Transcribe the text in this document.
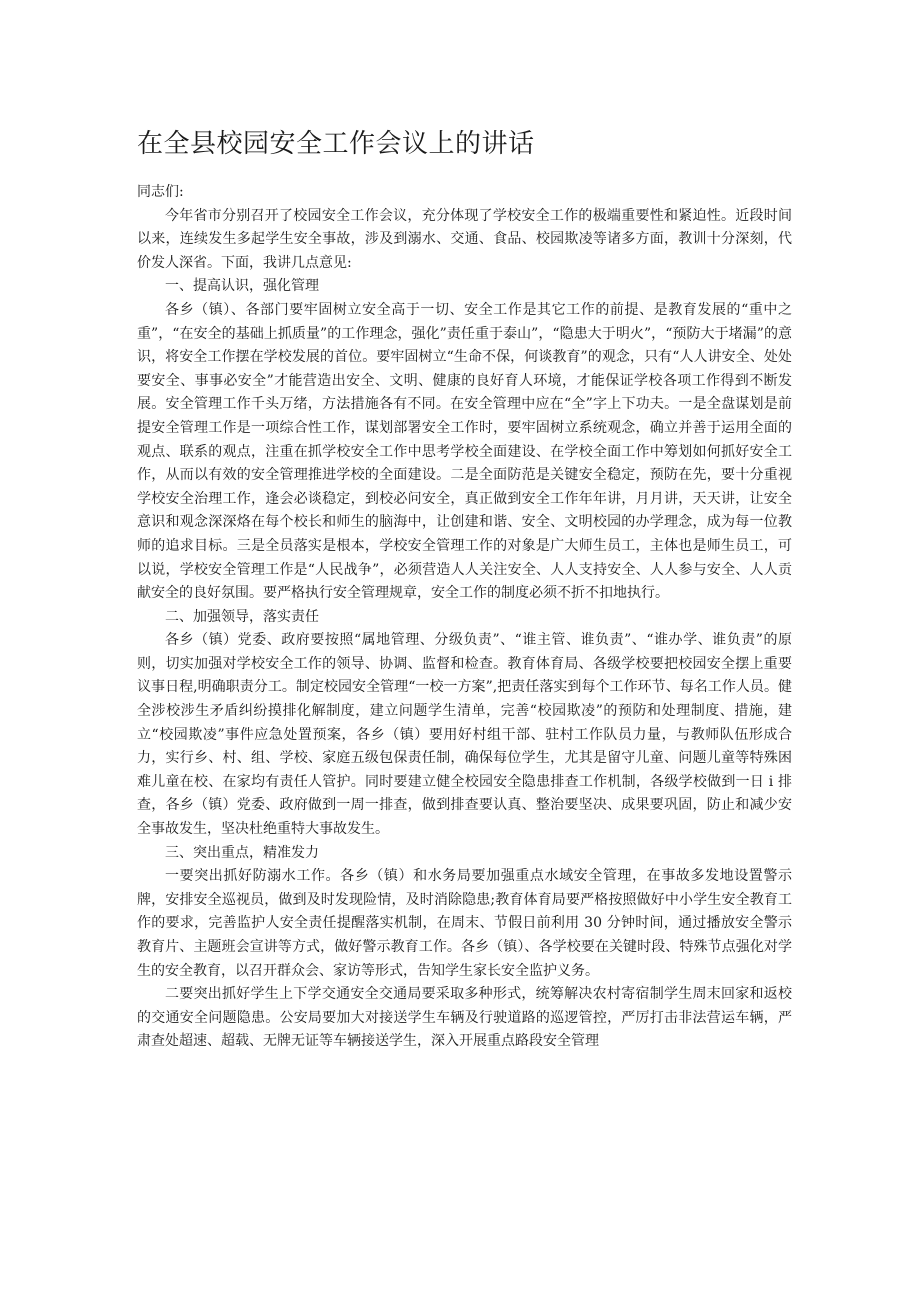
在全县校园安全工作会议上的讲话

同志们:

今年省市分别召开了校园安全工作会议，充分体现了学校安全工作的极端重要性和紧迫性。近段时间以来，连续发生多起学生安全事故，涉及到溺水、交通、食品、校园欺凌等诸多方面，教训十分深刻，代价发人深省。下面，我讲几点意见:

一、提高认识，强化管理

各乡（镇）、各部门要牢固树立安全高于一切、安全工作是其它工作的前提、是教育发展的“重中之重”，“在安全的基础上抓质量”的工作理念，强化”责任重于泰山”，“隐患大于明火”，“预防大于堵漏”的意识，将安全工作摆在学校发展的首位。要牢固树立“生命不保，何谈教育”的观念，只有“人人讲安全、处处要安全、事事必安全”才能营造出安全、文明、健康的良好育人环境，才能保证学校各项工作得到不断发展。安全管理工作千头万绪，方法措施各有不同。在安全管理中应在“全”字上下功夫。一是全盘谋划是前提安全管理工作是一项综合性工作，谋划部署安全工作时，要牢固树立系统观念，确立并善于运用全面的观点、联系的观点，注重在抓学校安全工作中思考学校全面建设、在学校全面工作中筹划如何抓好安全工作，从而以有效的安全管理推进学校的全面建设。二是全面防范是关键安全稳定，预防在先，要十分重视学校安全治理工作，逢会必谈稳定，到校必问安全，真正做到安全工作年年讲，月月讲，天天讲，让安全意识和观念深深烙在每个校长和师生的脑海中，让创建和谐、安全、文明校园的办学理念，成为每一位教师的追求目标。三是全员落实是根本，学校安全管理工作的对象是广大师生员工，主体也是师生员工，可以说，学校安全管理工作是“人民战争”，必须营造人人关注安全、人人支持安全、人人参与安全、人人贡献安全的良好氛围。要严格执行安全管理规章，安全工作的制度必须不折不扣地执行。

二、加强领导，落实责任

各乡（镇）党委、政府要按照“属地管理、分级负责”、“谁主管、谁负责”、“谁办学、谁负责”的原则，切实加强对学校安全工作的领导、协调、监督和检查。教育体育局、各级学校要把校园安全摆上重要议事日程,明确职责分工。制定校园安全管理“一校一方案”,把责任落实到每个工作环节、每名工作人员。健全涉校涉生矛盾纠纷摸排化解制度，建立问题学生清单，完善“校园欺凌”的预防和处理制度、措施，建立“校园欺凌”事件应急处置预案，各乡（镇）要用好村组干部、驻村工作队员力量，与教师队伍形成合力，实行乡、村、组、学校、家庭五级包保责任制，确保每位学生，尤其是留守儿童、问题儿童等特殊困难儿童在校、在家均有责任人管护。同时要建立健全校园安全隐患排查工作机制，各级学校做到一日 i 排查，各乡（镇）党委、政府做到一周一排查，做到排查要认真、整治要坚决、成果要巩固，防止和减少安全事故发生，坚决杜绝重特大事故发生。

三、突出重点，精准发力

一要突出抓好防溺水工作。各乡（镇）和水务局要加强重点水域安全管理，在事故多发地设置警示牌，安排安全巡视员，做到及时发现险情，及时消除隐患;教育体育局要严格按照做好中小学生安全教育工作的要求，完善监护人安全责任提醒落实机制，在周末、节假日前利用 30 分钟时间，通过播放安全警示教育片、主题班会宣讲等方式，做好警示教育工作。各乡（镇）、各学校要在关键时段、特殊节点强化对学生的安全教育，以召开群众会、家访等形式，告知学生家长安全监护义务。

二要突出抓好学生上下学交通安全交通局要采取多种形式，统筹解决农村寄宿制学生周末回家和返校的交通安全问题隐患。公安局要加大对接送学生车辆及行驶道路的巡逻管控，严厉打击非法营运车辆，严肃查处超速、超载、无牌无证等车辆接送学生，深入开展重点路段安全管理
